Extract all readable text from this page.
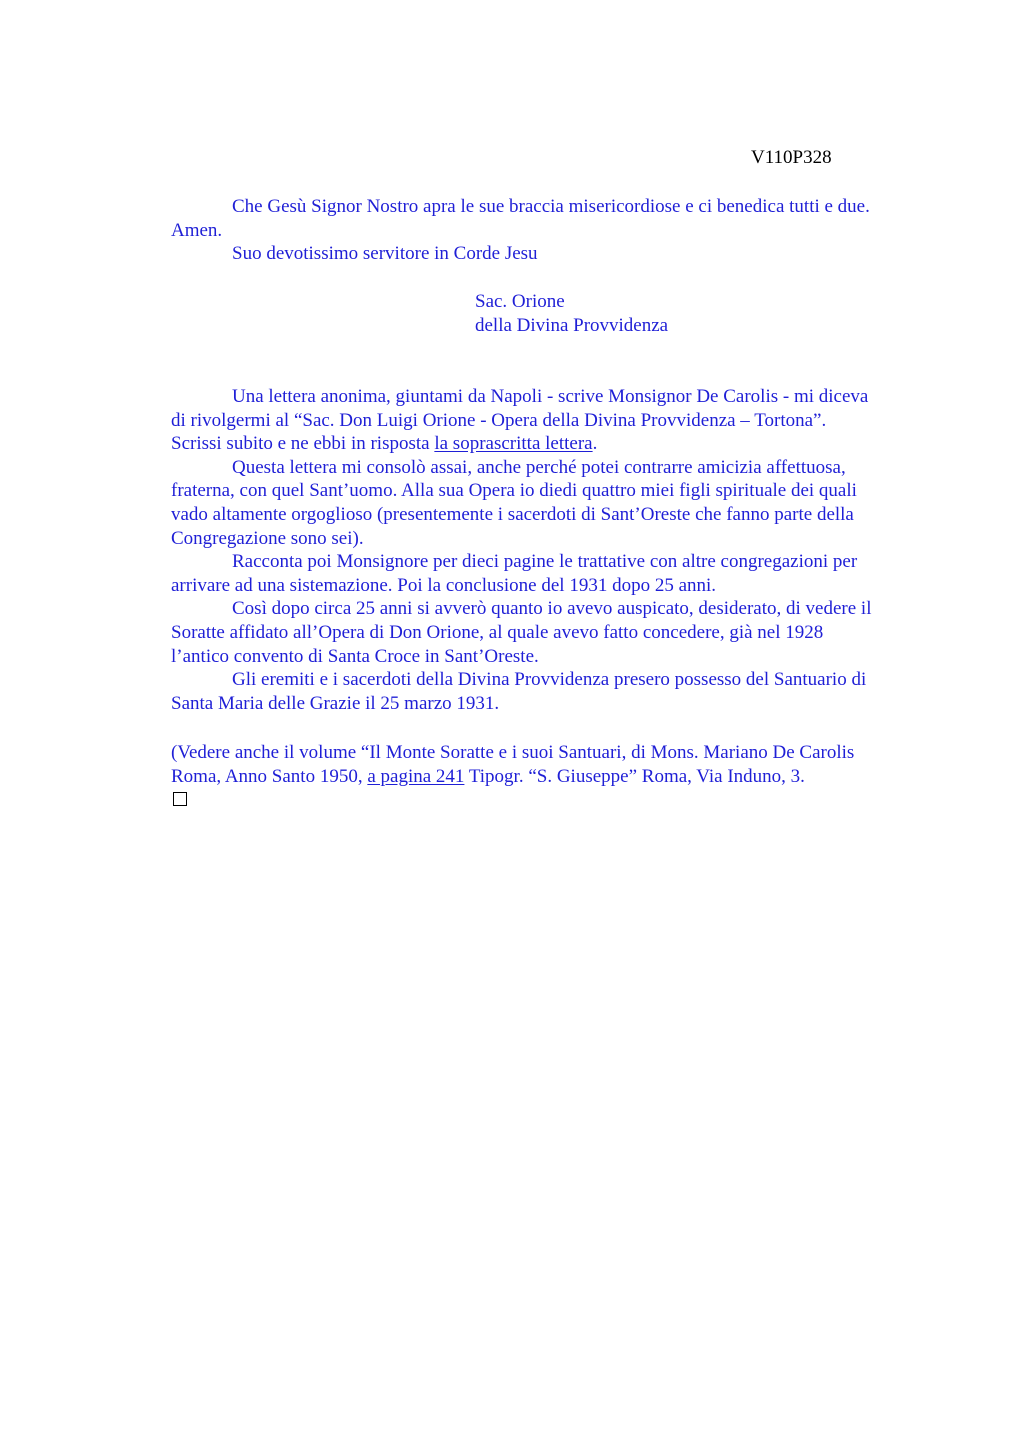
V110P328

Che Gesù Signor Nostro apra le sue braccia misericordiose e ci benedica tutti e due.
Amen.

Suo devotissimo servitore in Corde Jesu

Sac. Orione
della Divina Provvidenza

Una lettera anonima, giuntami da Napoli - scrive Monsignor De Carolis - mi diceva
di rivolgermi al “Sac. Don Luigi Orione - Opera della Divina Provvidenza – Tortona”.
Scrissi subito e ne ebbi in risposta la soprascritta lettera.

Questa lettera mi consolò assai, anche perché potei contrarre amicizia affettuosa,
fraterna, con quel Sant’uomo. Alla sua Opera io diedi quattro miei figli spirituale dei quali
vado altamente orgoglioso (presentemente i sacerdoti di Sant’Oreste che fanno parte della
Congregazione sono sei).

Racconta poi Monsignore per dieci pagine le trattative con altre congregazioni per
arrivare ad una sistemazione. Poi la conclusione del 1931 dopo 25 anni.

Così dopo circa 25 anni si avverò quanto io avevo auspicato, desiderato, di vedere il
Soratte affidato all’Opera di Don Orione, al quale avevo fatto concedere, già nel 1928
l’antico convento di Santa Croce in Sant’Oreste.

Gli eremiti e i sacerdoti della Divina Provvidenza presero possesso del Santuario di
Santa Maria delle Grazie il 25 marzo 1931.

(Vedere anche il volume “Il Monte Soratte e i suoi Santuari, di Mons. Mariano De Carolis
Roma, Anno Santo 1950, a pagina 241 Tipogr. “S. Giuseppe” Roma, Via Induno, 3.
